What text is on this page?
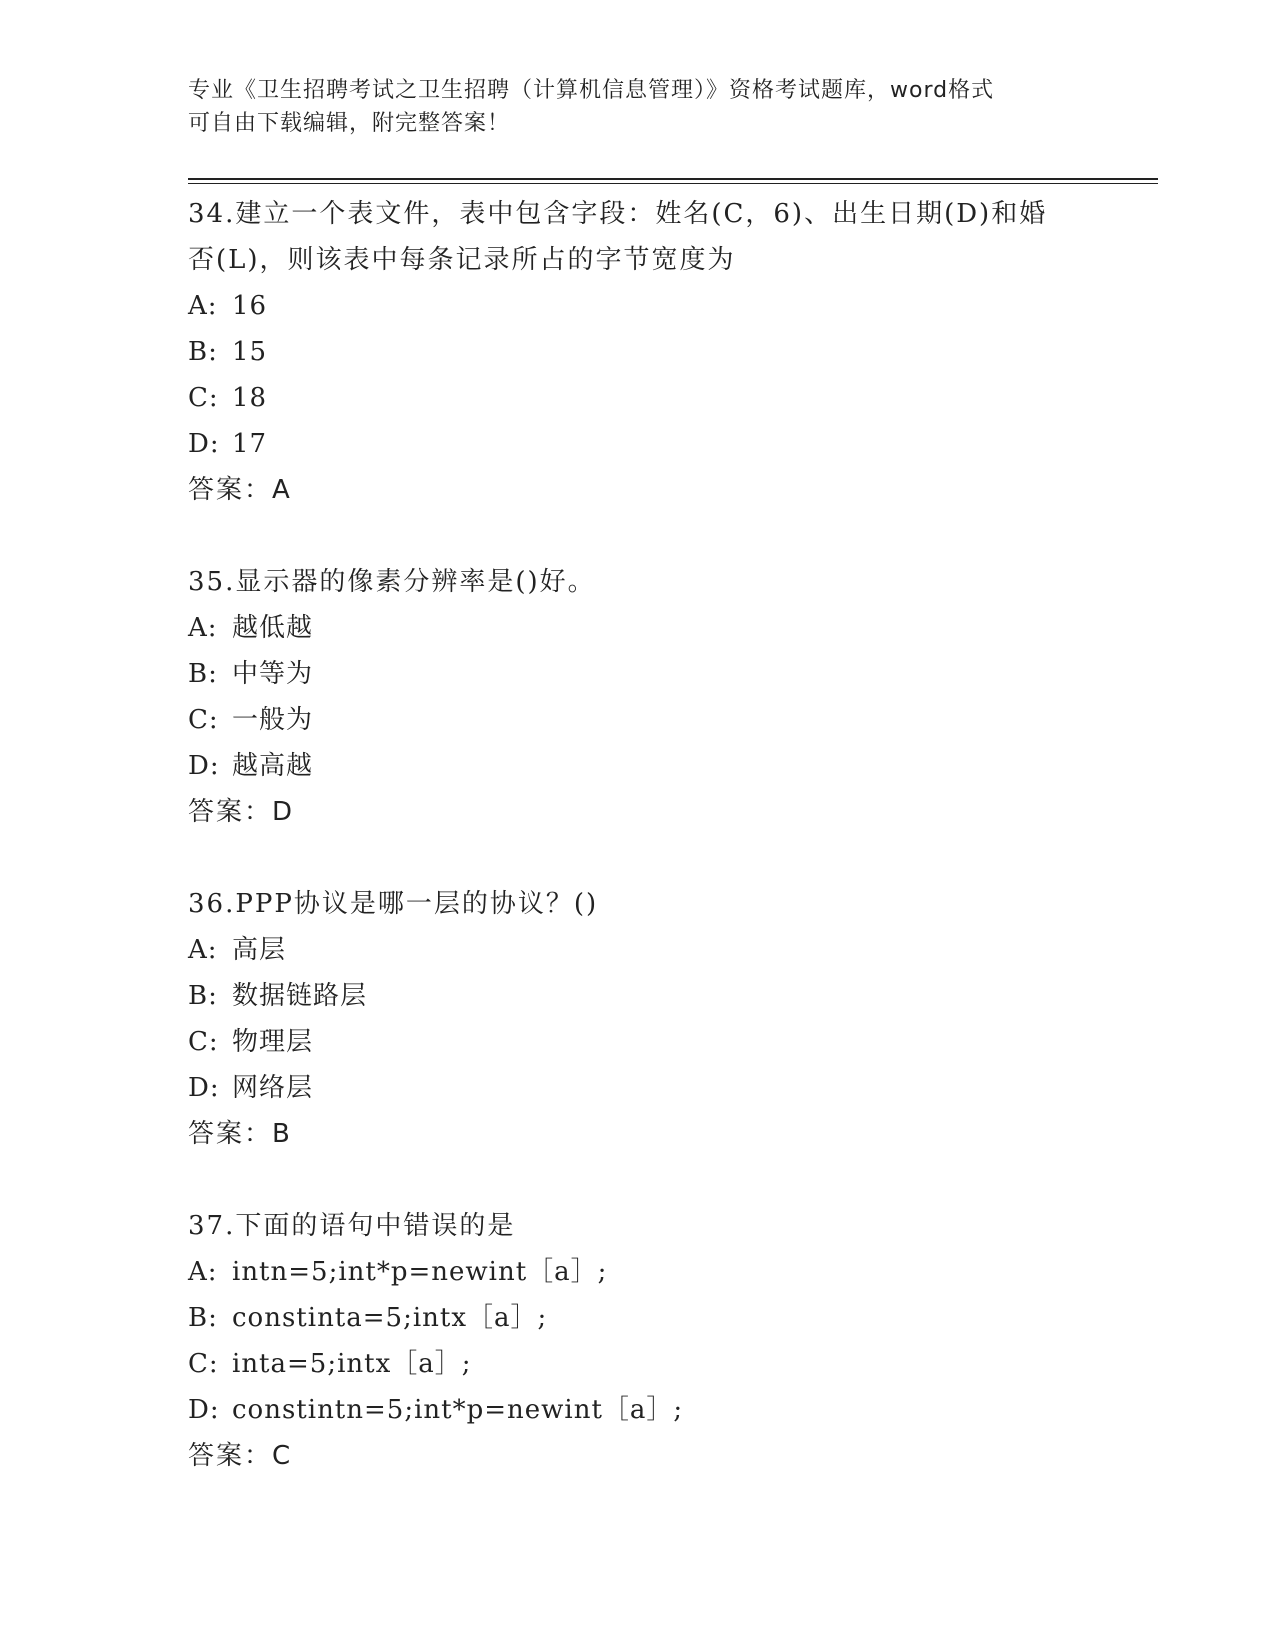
专业《卫生招聘考试之卫生招聘（计算机信息管理）》资格考试题库，word格式
可自由下载编辑，附完整答案！
34.建立一个表文件，表中包含字段：姓名(C，6)、出生日期(D)和婚
否(L)，则该表中每条记录所占的字节宽度为
A: 16
B: 15
C: 18
D: 17
答案：A
35.显示器的像素分辨率是()好。
A: 越低越
B: 中等为
C: 一般为
D: 越高越
答案：D
36.PPP协议是哪一层的协议？()
A: 高层
B: 数据链路层
C: 物理层
D: 网络层
答案：B
37.下面的语句中错误的是
A: intn=5;int*p=newint［a］;
B: constinta=5;intx［a］;
C: inta=5;intx［a］;
D: constintn=5;int*p=newint［a］;
答案：C
